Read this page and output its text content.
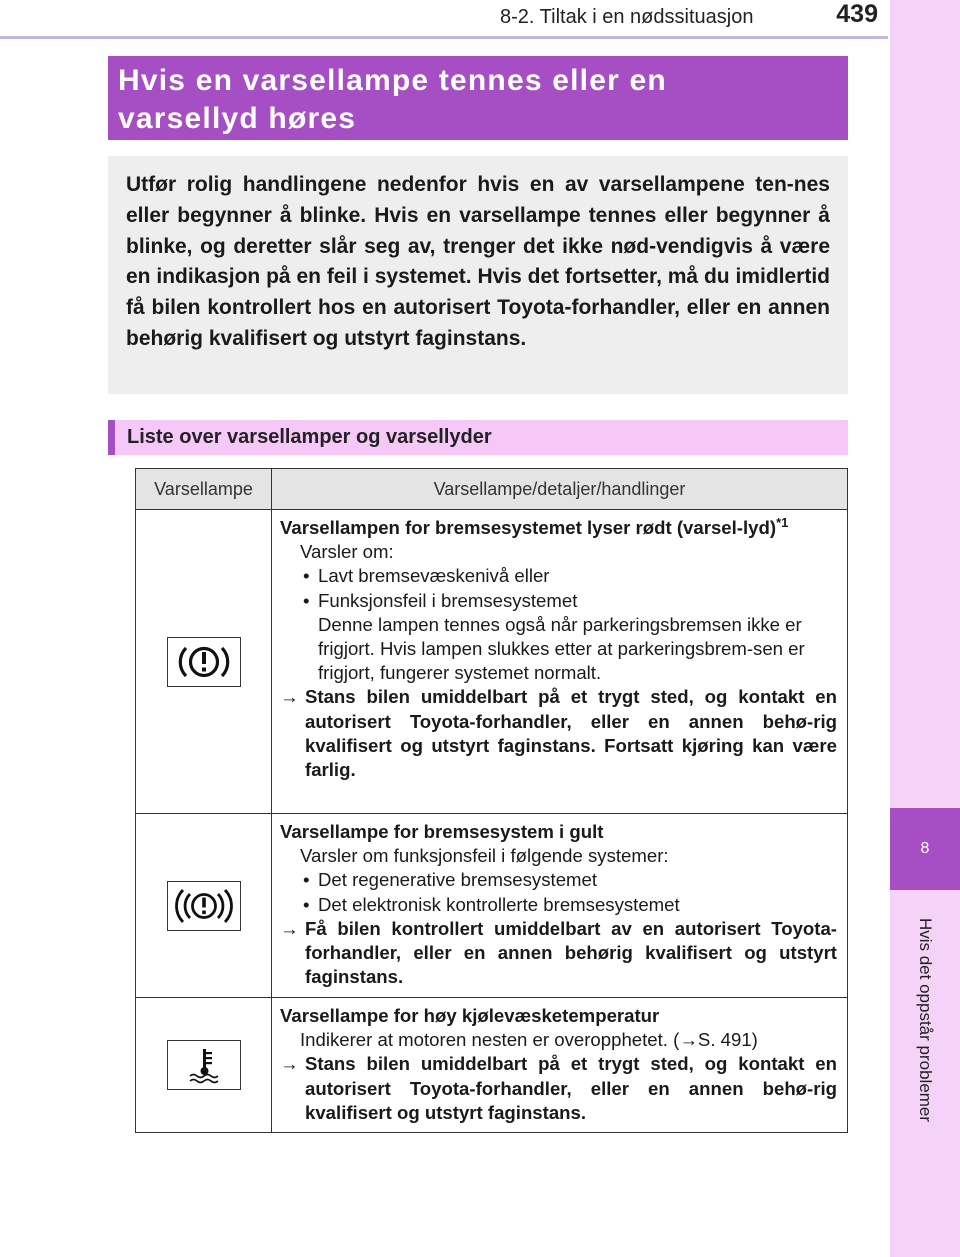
8-2. Tiltak i en nødssituasjon	439
8
Hvis det oppstår problemer
Hvis en varsellampe tennes eller en
varsellyd høres

Utfør rolig handlingene nedenfor hvis en av varsellampene ten-nes eller begynner å blinke. Hvis en varsellampe tennes eller begynner å blinke, og deretter slår seg av, trenger det ikke nød-vendigvis å være en indikasjon på en feil i systemet. Hvis det fortsetter, må du imidlertid få bilen kontrollert hos en autorisert Toyota-forhandler, eller en annen behørig kvalifisert og utstyrt faginstans.

Liste over varsellamper og varsellyder
Varsellampe	Varsellampe/detaljer/handlinger
Varsellampen for bremsesystemet lyser rødt (varsel-lyd)$^{*1}$
Varsler om:
• Lavt bremsevæskenivå eller
• Funksjonsfeil i bremsesystemet
Denne lampen tennes også når parkeringsbremsen ikke er frigjort. Hvis lampen slukkes etter at parkeringsbrem-sen er frigjort, fungerer systemet normalt.
→ Stans bilen umiddelbart på et trygt sted, og kontakt en autorisert Toyota-forhandler, eller en annen behø-rig kvalifisert og utstyrt faginstans. Fortsatt kjøring kan være farlig.
Varsellampe for bremsesystem i gult
Varsler om funksjonsfeil i følgende systemer:
• Det regenerative bremsesystemet
• Det elektronisk kontrollerte bremsesystemet
→ Få bilen kontrollert umiddelbart av en autorisert Toyota-forhandler, eller en annen behørig kvalifisert og utstyrt faginstans.
Varsellampe for høy kjølevæsketemperatur
Indikerer at motoren nesten er overopphetet. (→S. 491)
→ Stans bilen umiddelbart på et trygt sted, og kontakt en autorisert Toyota-forhandler, eller en annen behø-rig kvalifisert og utstyrt faginstans.
